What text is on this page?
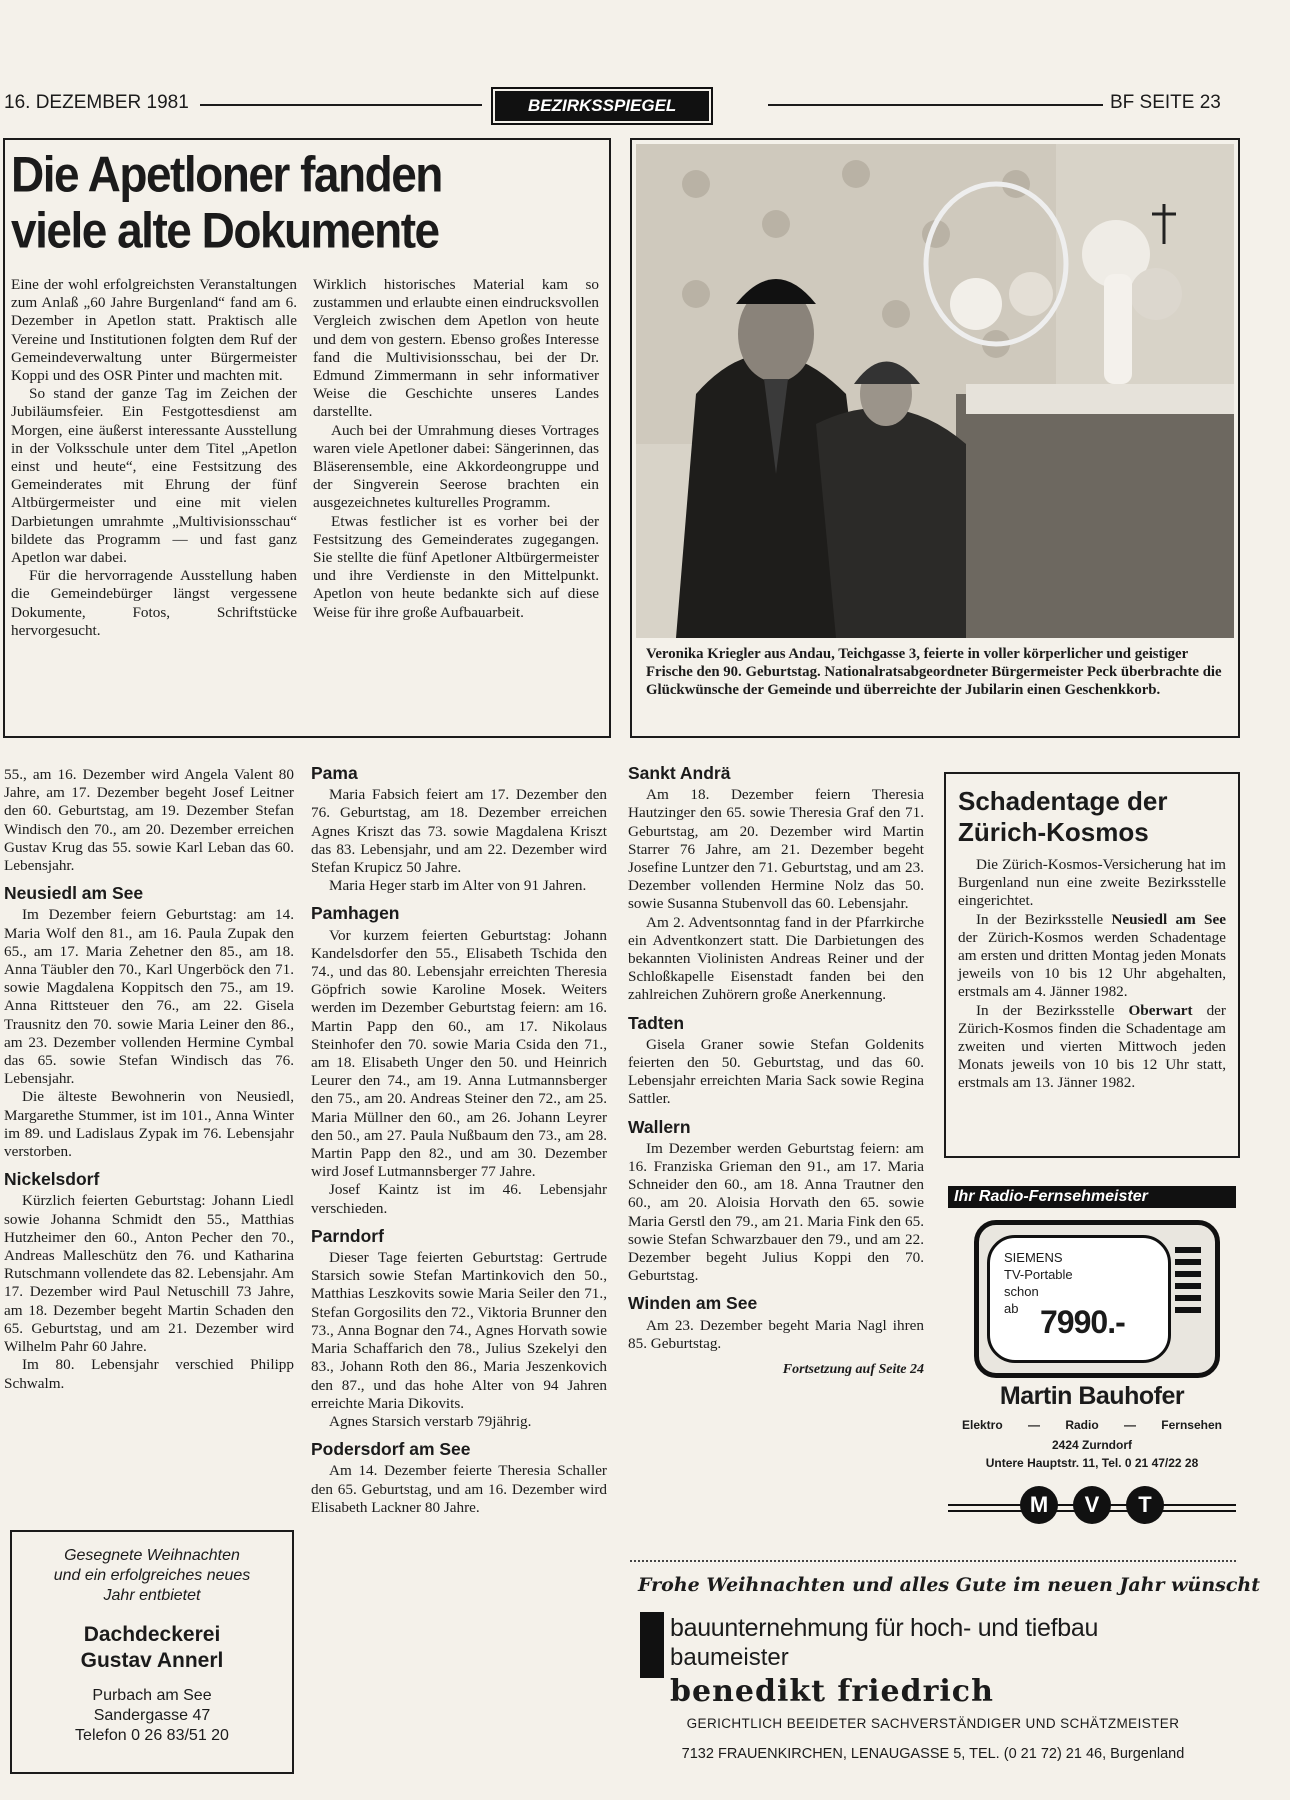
16. DEZEMBER 1981	BEZIRKSSPIEGEL	BF SEITE 23
Die Apetloner fanden
viele alte Dokumente

Eine der wohl erfolgreichsten Veranstaltungen zum Anlaß „60 Jahre Burgenland“ fand am 6. Dezember in Apetlon statt. Praktisch alle Vereine und Institutionen folgten dem Ruf der Gemeindeverwaltung unter Bürgermeister Koppi und des OSR Pinter und machten mit.

So stand der ganze Tag im Zeichen der Jubiläumsfeier. Ein Festgottesdienst am Morgen, eine äußerst interessante Ausstellung in der Volksschule unter dem Titel „Apetlon einst und heute“, eine Festsitzung des Gemeinderates mit Ehrung der fünf Altbürgermeister und eine mit vielen Darbietungen umrahmte „Multivisionsschau“ bildete das Programm — und fast ganz Apetlon war dabei.

Für die hervorragende Ausstellung haben die Gemeindebürger längst vergessene Dokumente, Fotos, Schriftstücke hervorgesucht.

Wirklich historisches Material kam so zustammen und erlaubte einen eindrucksvollen Vergleich zwischen dem Apetlon von heute und dem von gestern. Ebenso großes Interesse fand die Multivisionsschau, bei der Dr. Edmund Zimmermann in sehr informativer Weise die Geschichte unseres Landes darstellte.

Auch bei der Umrahmung dieses Vortrages waren viele Apetloner dabei: Sängerinnen, das Bläserensemble, eine Akkordeongruppe und der Singverein Seerose brachten ein ausgezeichnetes kulturelles Programm.

Etwas festlicher ist es vorher bei der Festsitzung des Gemeinderates zugegangen. Sie stellte die fünf Apetloner Altbürgermeister und ihre Verdienste in den Mittelpunkt. Apetlon von heute bedankte sich auf diese Weise für ihre große Aufbauarbeit.

Veronika Kriegler aus Andau, Teichgasse 3, feierte in voller körperlicher und geistiger Frische den 90. Geburtstag. Nationalratsabgeordneter Bürgermeister Peck überbrachte die Glückwünsche der Gemeinde und überreichte der Jubilarin einen Geschenkkorb.

55., am 16. Dezember wird Angela Valent 80 Jahre, am 17. Dezember begeht Josef Leitner den 60. Geburtstag, am 19. Dezember Stefan Windisch den 70., am 20. Dezember erreichen Gustav Krug das 55. sowie Karl Leban das 60. Lebensjahr.

Neusiedl am See

Im Dezember feiern Geburtstag: am 14. Maria Wolf den 81., am 16. Paula Zupak den 65., am 17. Maria Zehetner den 85., am 18. Anna Täubler den 70., Karl Ungerböck den 71. sowie Magdalena Koppitsch den 75., am 19. Anna Rittsteuer den 76., am 22. Gisela Trausnitz den 70. sowie Maria Leiner den 86., am 23. Dezember vollenden Hermine Cymbal das 65. sowie Stefan Windisch das 76. Lebensjahr.

Die älteste Bewohnerin von Neusiedl, Margarethe Stummer, ist im 101., Anna Winter im 89. und Ladislaus Zypak im 76. Lebensjahr verstorben.

Nickelsdorf

Kürzlich feierten Geburtstag: Johann Liedl sowie Johanna Schmidt den 55., Matthias Hutzheimer den 60., Anton Pecher den 70., Andreas Malleschütz den 76. und Katharina Rutschmann vollendete das 82. Lebensjahr. Am 17. Dezember wird Paul Netuschill 73 Jahre, am 18. Dezember begeht Martin Schaden den 65. Geburtstag, und am 21. Dezember wird Wilhelm Pahr 60 Jahre.

Im 80. Lebensjahr verschied Philipp Schwalm.

Gesegnete Weihnachten
und ein erfolgreiches neues
Jahr entbietet
Dachdeckerei
Gustav Annerl
Purbach am See
Sandergasse 47
Telefon 0 26 83/51 20
Pama

Maria Fabsich feiert am 17. Dezember den 76. Geburtstag, am 18. Dezember erreichen Agnes Kriszt das 73. sowie Magdalena Kriszt das 83. Lebensjahr, und am 22. Dezember wird Stefan Krupicz 50 Jahre.

Maria Heger starb im Alter von 91 Jahren.

Pamhagen

Vor kurzem feierten Geburtstag: Johann Kandelsdorfer den 55., Elisabeth Tschida den 74., und das 80. Lebensjahr erreichten Theresia Göpfrich sowie Karoline Mosek. Weiters werden im Dezember Geburtstag feiern: am 16. Martin Papp den 60., am 17. Nikolaus Steinhofer den 70. sowie Maria Csida den 71., am 18. Elisabeth Unger den 50. und Heinrich Leurer den 74., am 19. Anna Lutmannsberger den 75., am 20. Andreas Steiner den 72., am 25. Maria Müllner den 60., am 26. Johann Leyrer den 50., am 27. Paula Nußbaum den 73., am 28. Martin Papp den 82., und am 30. Dezember wird Josef Lutmannsberger 77 Jahre.

Josef Kaintz ist im 46. Lebensjahr verschieden.

Parndorf

Dieser Tage feierten Geburtstag: Gertrude Starsich sowie Stefan Martinkovich den 50., Matthias Leszkovits sowie Maria Seiler den 71., Stefan Gorgosilits den 72., Viktoria Brunner den 73., Anna Bognar den 74., Agnes Horvath sowie Maria Schaffarich den 78., Julius Szekelyi den 83., Johann Roth den 86., Maria Jeszenkovich den 87., und das hohe Alter von 94 Jahren erreichte Maria Dikovits.

Agnes Starsich verstarb 79jährig.

Podersdorf am See

Am 14. Dezember feierte Theresia Schaller den 65. Geburtstag, und am 16. Dezember wird Elisabeth Lackner 80 Jahre.

Sankt Andrä

Am 18. Dezember feiern Theresia Hautzinger den 65. sowie Theresia Graf den 71. Geburtstag, am 20. Dezember wird Martin Starrer 76 Jahre, am 21. Dezember begeht Josefine Luntzer den 71. Geburtstag, und am 23. Dezember vollenden Hermine Nolz das 50. sowie Susanna Stubenvoll das 60. Lebensjahr.

Am 2. Adventsonntag fand in der Pfarrkirche ein Adventkonzert statt. Die Darbietungen des bekannten Violinisten Andreas Reiner und der Schloßkapelle Eisenstadt fanden bei den zahlreichen Zuhörern große Anerkennung.

Tadten

Gisela Graner sowie Stefan Goldenits feierten den 50. Geburtstag, und das 60. Lebensjahr erreichten Maria Sack sowie Regina Sattler.

Wallern

Im Dezember werden Geburtstag feiern: am 16. Franziska Grieman den 91., am 17. Maria Schneider den 60., am 18. Anna Trautner den 60., am 20. Aloisia Horvath den 65. sowie Maria Gerstl den 79., am 21. Maria Fink den 65. sowie Stefan Schwarzbauer den 79., und am 22. Dezember begeht Julius Koppi den 70. Geburtstag.

Winden am See

Am 23. Dezember begeht Maria Nagl ihren 85. Geburtstag.

Fortsetzung auf Seite 24
Schadentage der
Zürich-Kosmos

Die Zürich-Kosmos-Versicherung hat im Burgenland nun eine zweite Bezirksstelle eingerichtet.

In der Bezirksstelle Neusiedl am See der Zürich-Kosmos werden Schadentage am ersten und dritten Montag jeden Monats jeweils von 10 bis 12 Uhr abgehalten, erstmals am 4. Jänner 1982.

In der Bezirksstelle Oberwart der Zürich-Kosmos finden die Schadentage am zweiten und vierten Mittwoch jeden Monats jeweils von 10 bis 12 Uhr statt, erstmals am 13. Jänner 1982.

Ihr Radio-Fernsehmeister
SIEMENS
TV-Portable
schon
ab 7990.-
Martin Bauhofer
Elektro — Radio — Fernsehen
2424 Zurndorf
Untere Hauptstr. 11, Tel. 0 21 47/22 28
M	V	T
Frohe Weihnachten und alles Gute im neuen Jahr wünscht
bauunternehmung für hoch- und tiefbau
baumeister
benedikt friedrich
GERICHTLICH BEEIDETER SACHVERSTÄNDIGER UND SCHÄTZMEISTER
7132 FRAUENKIRCHEN, LENAUGASSE 5, TEL. (0 21 72) 21 46, Burgenland
